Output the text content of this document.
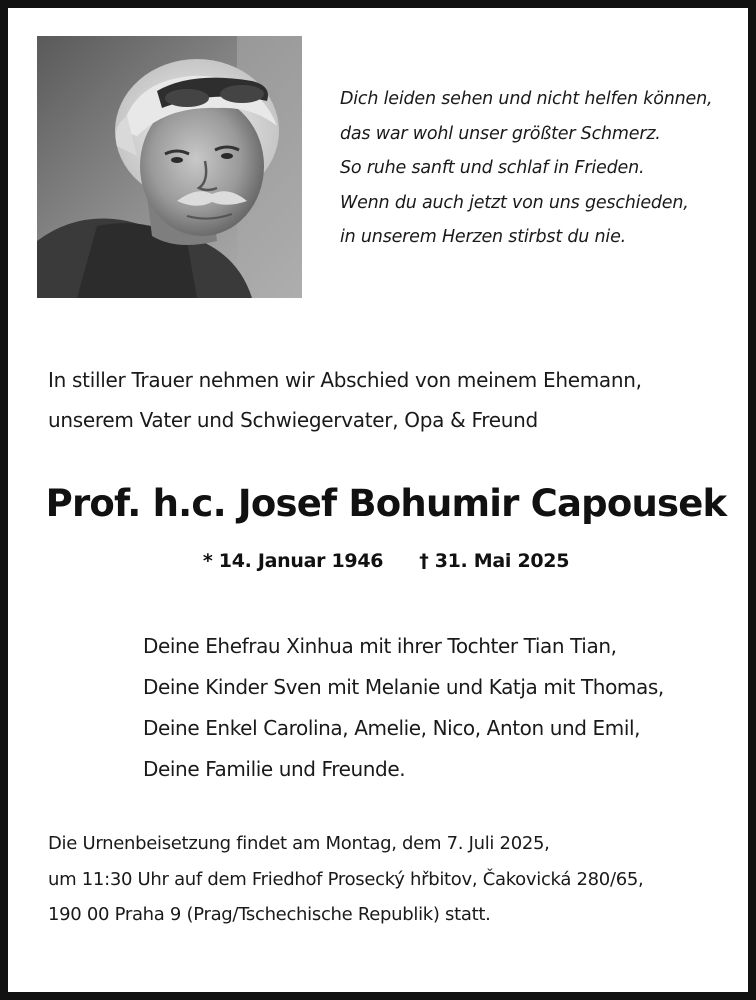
Dich leiden sehen und nicht helfen können,
das war wohl unser größter Schmerz.
So ruhe sanft und schlaf in Frieden.
Wenn du auch jetzt von uns geschieden,
in unserem Herzen stirbst du nie.
In stiller Trauer nehmen wir Abschied von meinem Ehemann,
unserem Vater und Schwiegervater, Opa & Freund
Prof. h.c. Josef Bohumir Capousek
* 14. Januar 1946 † 31. Mai 2025
Deine Ehefrau Xinhua mit ihrer Tochter Tian Tian,
Deine Kinder Sven mit Melanie und Katja mit Thomas,
Deine Enkel Carolina, Amelie, Nico, Anton und Emil,
Deine Familie und Freunde.
Die Urnenbeisetzung findet am Montag, dem 7. Juli 2025,
um 11:30 Uhr auf dem Friedhof Prosecký hřbitov, Čakovická 280/65,
190 00 Praha 9 (Prag/Tschechische Republik) statt.
